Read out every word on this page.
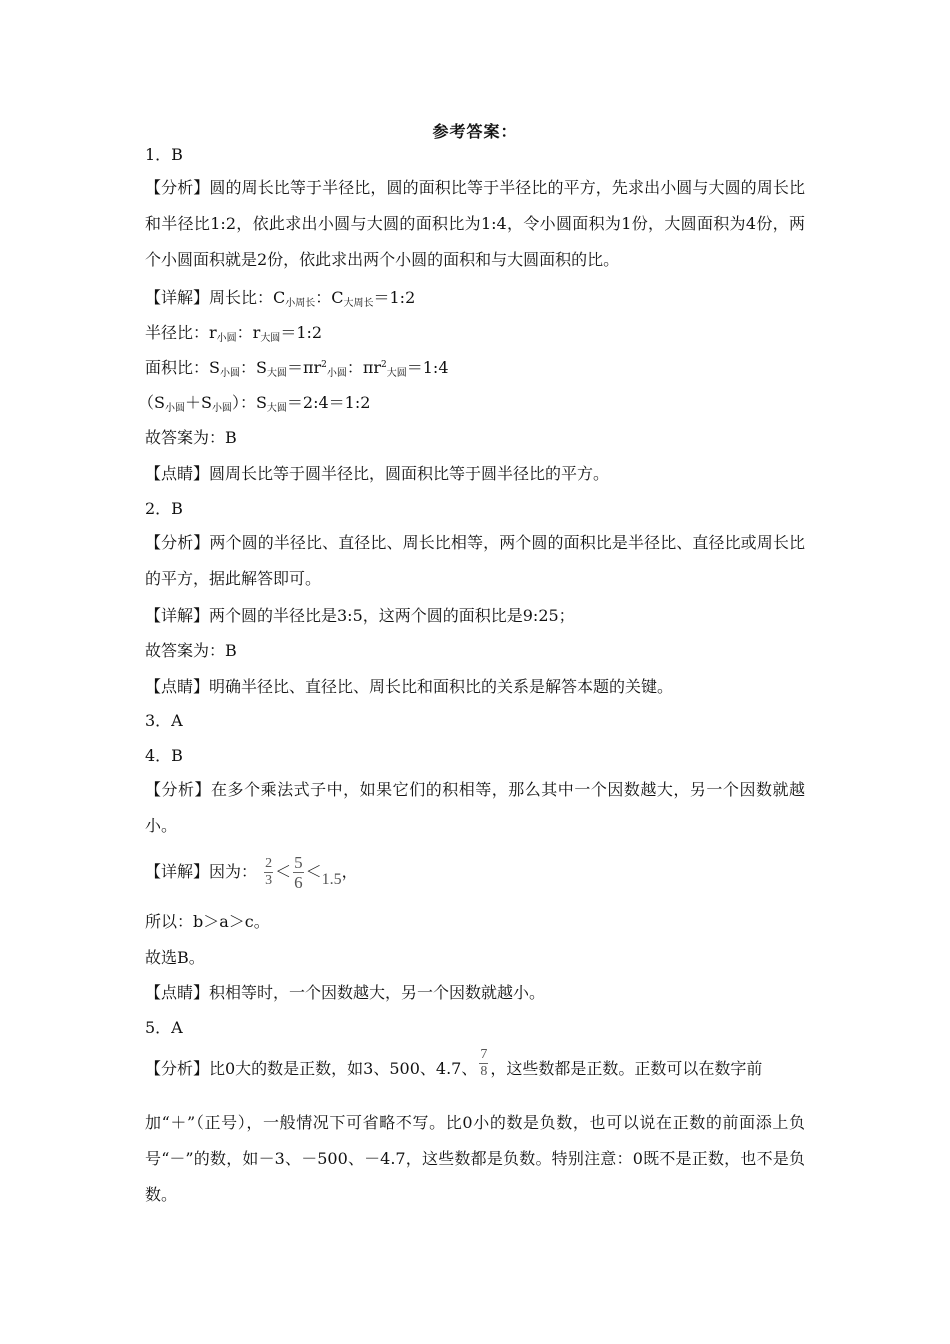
参考答案：
1．B
【分析】圆的周长比等于半径比，圆的面积比等于半径比的平方，先求出小圆与大圆的周长比和半径比1:2，依此求出小圆与大圆的面积比为1:4，令小圆面积为1份，大圆面积为4份，两个小圆面积就是2份，依此求出两个小圆的面积和与大圆面积的比。
【详解】周长比：C小周长：C大周长＝1:2
半径比：r小圆：r大圆＝1:2
面积比：S小圆：S大圆$=\pi r^2$小圆：$\pi r^2$大圆＝1:4
（S小圆＋S小圆）：S大圆＝2:4＝1:2
故答案为：B
【点睛】圆周长比等于圆半径比，圆面积比等于圆半径比的平方。
2．B
【分析】两个圆的半径比、直径比、周长比相等，两个圆的面积比是半径比、直径比或周长比的平方，据此解答即可。
【详解】两个圆的半径比是3:5，这两个圆的面积比是9:25；
故答案为：B
【点睛】明确半径比、直径比、周长比和面积比的关系是解答本题的关键。
3．A
4．B
【分析】在多个乘法式子中，如果它们的积相等，那么其中一个因数越大，另一个因数就越小。
【详解】因为： $\frac{2}{3} < \frac{5}{6} <1.5$，
所以：b＞a＞c。
故选B。
【点睛】积相等时，一个因数越大，另一个因数就越小。
5．A
【分析】比0大的数是正数，如3、500、4.7、 $\frac{7}{8}$ ，这些数都是正数。正数可以在数字前
加“＋”（正号），一般情况下可省略不写。比0小的数是负数，也可以说在正数的前面添上负号“－”的数，如－3、－500、－4.7，这些数都是负数。特别注意：0既不是正数，也不是负数。
